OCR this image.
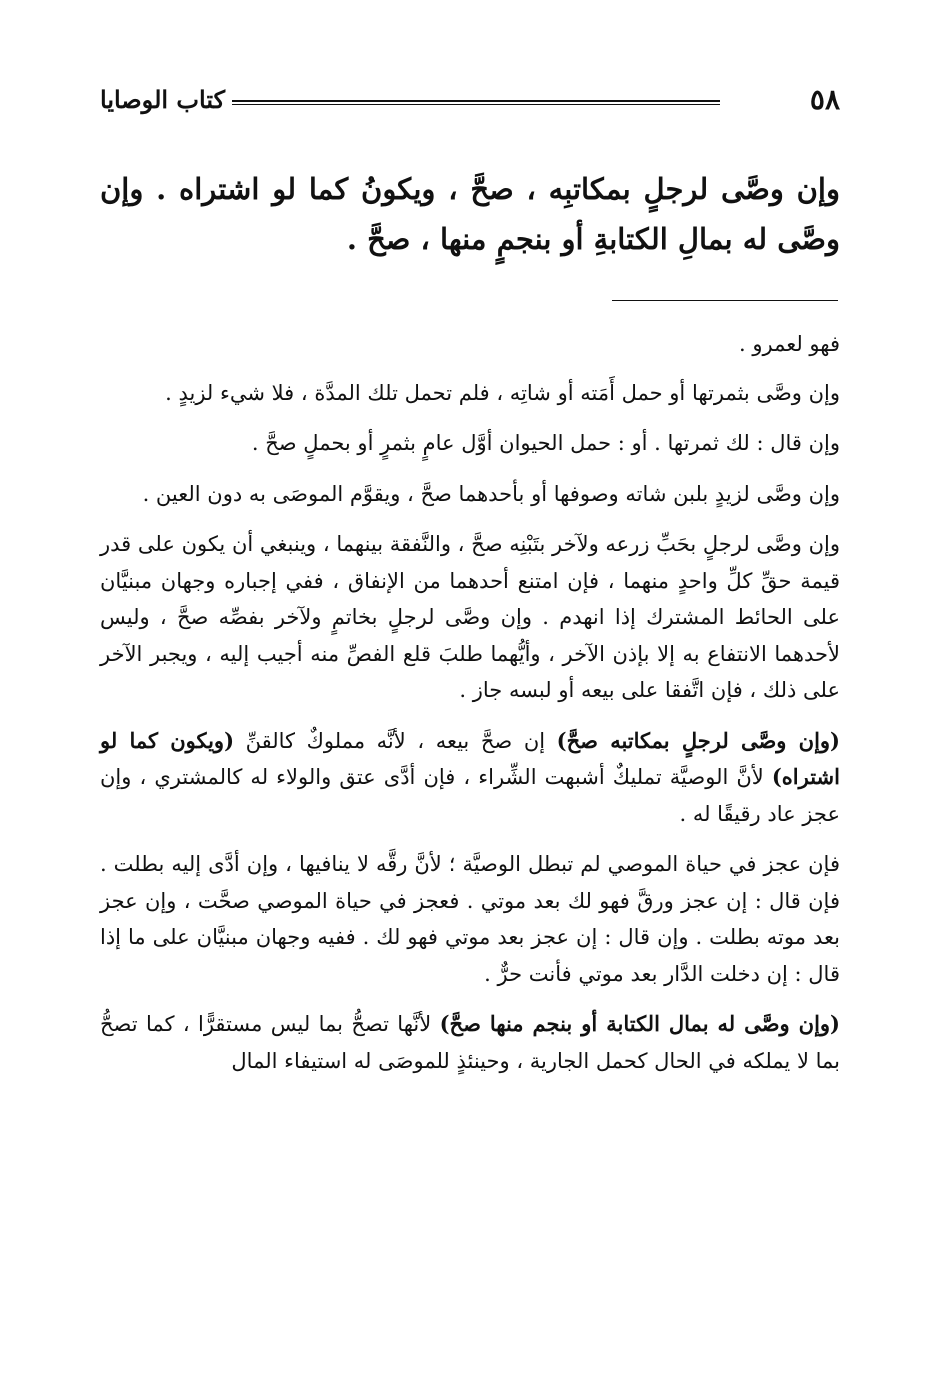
٥٨
كتاب الوصايا

وإن وصَّى لرجلٍ بمكاتبِه ، صحَّ ، ويكونُ كما لو اشتراه . وإن وصَّى له بمالِ الكتابةِ أو بنجمٍ منها ، صحَّ .

فهو لعمرو .

وإن وصَّى بثمرتها أو حمل أَمَته أو شاتِه ، فلم تحمل تلك المدَّة ، فلا شيء لزيدٍ .

وإن قال : لك ثمرتها . أو : حمل الحيوان أوَّل عامٍ بثمرٍ أو بحملٍ صحَّ .

وإن وصَّى لزيدٍ بلبن شاته وصوفها أو بأحدهما صحَّ ، ويقوَّم الموصَى به دون العين .

وإن وصَّى لرجلٍ بحَبِّ زرعه ولآخر بتَبْنِه صحَّ ، والنَّفقة بينهما ، وينبغي أن يكون على قدر قيمة حقِّ كلِّ واحدٍ منهما ، فإن امتنع أحدهما من الإنفاق ، ففي إجباره وجهان مبنيَّان على الحائط المشترك إذا انهدم . وإن وصَّى لرجلٍ بخاتمٍ ولآخر بفصِّه صحَّ ، وليس لأحدهما الانتفاع به إلا بإذن الآخر ، وأيُّهما طلبَ قلع الفصِّ منه أجيب إليه ، ويجبر الآخر على ذلك ، فإن اتَّفقا على بيعه أو لبسه جاز .

(وإن وصَّى لرجلٍ بمكاتبه صحَّ) إن صحَّ بيعه ، لأنَّه مملوكٌ كالقنِّ (ويكون كما لو اشتراه) لأنَّ الوصيَّة تمليكٌ أشبهت الشِّراء ، فإن أدَّى عتق والولاء له كالمشتري ، وإن عجز عاد رقيقًا له .

فإن عجز في حياة الموصي لم تبطل الوصيَّة ؛ لأنَّ رقَّه لا ينافيها ، وإن أدَّى إليه بطلت . فإن قال : إن عجز ورقَّ فهو لك بعد موتي . فعجز في حياة الموصي صحَّت ، وإن عجز بعد موته بطلت . وإن قال : إن عجز بعد موتي فهو لك . ففيه وجهان مبنيَّان على ما إذا قال : إن دخلت الدَّار بعد موتي فأنت حرٌّ .

(وإن وصَّى له بمال الكتابة أو بنجم منها صحَّ) لأنَّها تصحُّ بما ليس مستقرًّا ، كما تصحُّ بما لا يملكه في الحال كحمل الجارية ، وحينئذٍ للموصَى له استيفاء المال
